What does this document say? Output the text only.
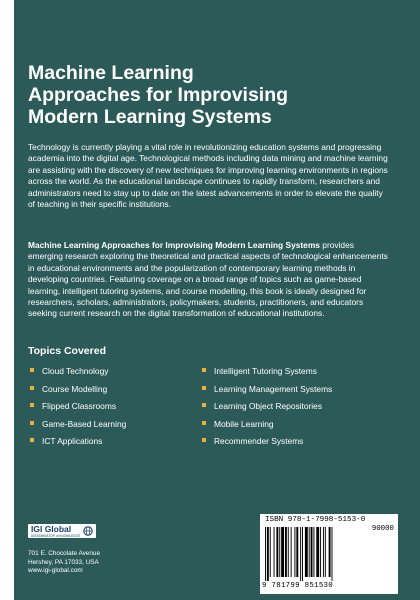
Machine Learning
Approaches for Improvising
Modern Learning Systems

Technology is currently playing a vital role in revolutionizing education systems and progressing academia into the digital age. Technological methods including data mining and machine learning are assisting with the discovery of new techniques for improving learning environments in regions across the world. As the educational landscape continues to rapidly transform, researchers and administrators need to stay up to date on the latest advancements in order to elevate the quality of teaching in their specific institutions.

Machine Learning Approaches for Improvising Modern Learning Systems provides emerging research exploring the theoretical and practical aspects of technological enhancements in educational environments and the popularization of contemporary learning methods in developing countries. Featuring coverage on a broad range of topics such as game-based learning, intelligent tutoring systems, and course modelling, this book is ideally designed for researchers, scholars, administrators, policymakers, students, practitioners, and educators seeking current research on the digital transformation of educational institutions.

Topics Covered
Cloud Technology
Course Modelling
Flipped Classrooms
Game-Based Learning
ICT Applications
Intelligent Tutoring Systems
Learning Management Systems
Learning Object Repositories
Mobile Learning
Recommender Systems
IGI Global
DISSEMINATOR of KNOWLEDGE
701 E. Chocolate Avenue
Hershey, PA 17033, USA
www.igi-global.com
ISBN 978-1-7998-5153-0
90000
9 781799 851530
